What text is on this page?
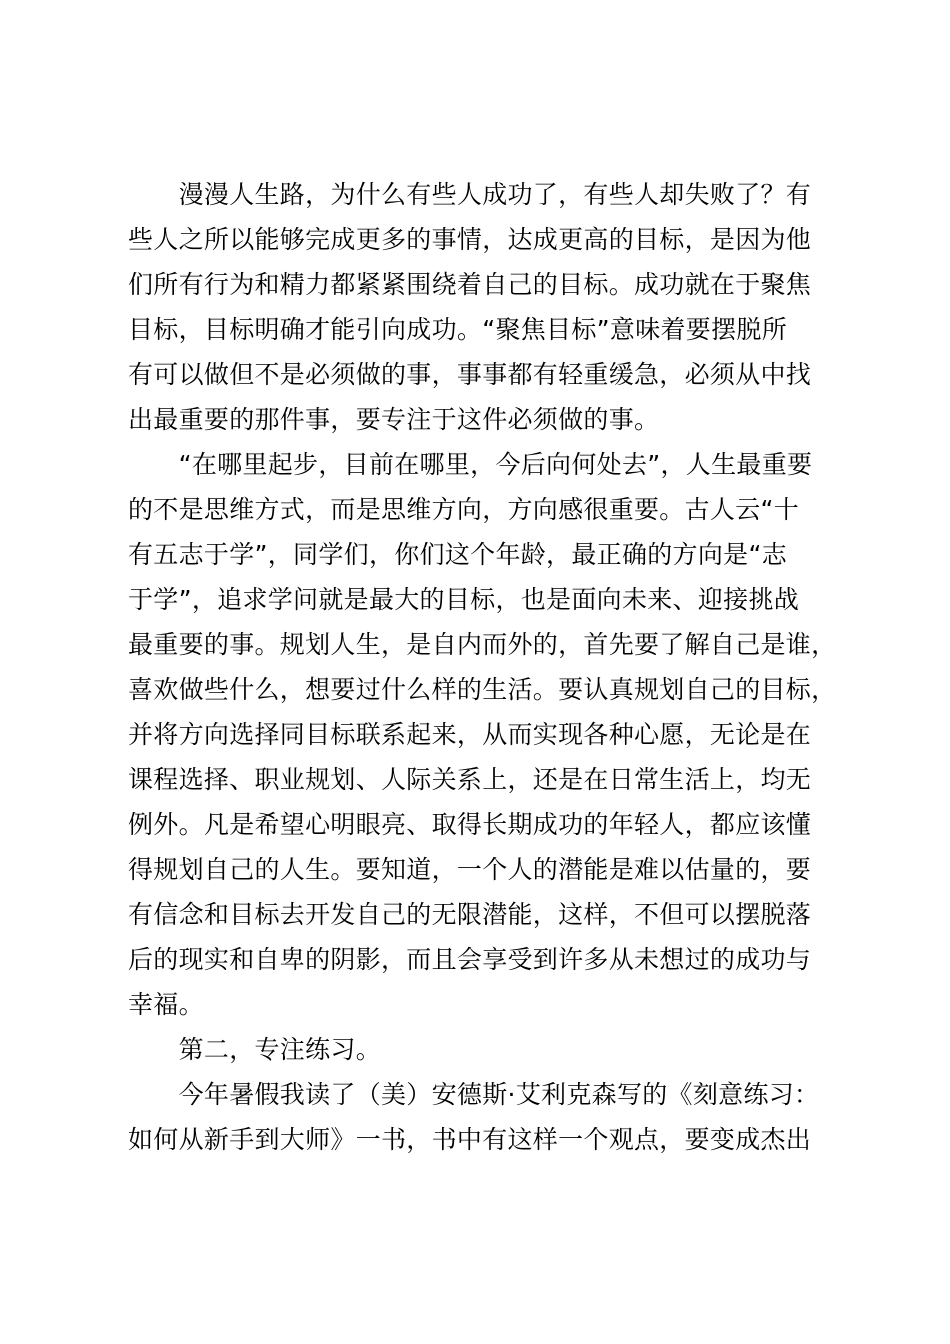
　　漫漫人生路，为什么有些人成功了，有些人却失败了？有
些人之所以能够完成更多的事情，达成更高的目标，是因为他
们所有行为和精力都紧紧围绕着自己的目标。成功就在于聚焦
目标，目标明确才能引向成功。“聚焦目标”意味着要摆脱所
有可以做但不是必须做的事，事事都有轻重缓急，必须从中找
出最重要的那件事，要专注于这件必须做的事。
　　“在哪里起步，目前在哪里，今后向何处去”，人生最重要
的不是思维方式，而是思维方向，方向感很重要。古人云“十
有五志于学”，同学们，你们这个年龄，最正确的方向是“志
于学”，追求学问就是最大的目标，也是面向未来、迎接挑战
最重要的事。规划人生，是自内而外的，首先要了解自己是谁，
喜欢做些什么，想要过什么样的生活。要认真规划自己的目标，
并将方向选择同目标联系起来，从而实现各种心愿，无论是在
课程选择、职业规划、人际关系上，还是在日常生活上，均无
例外。凡是希望心明眼亮、取得长期成功的年轻人，都应该懂
得规划自己的人生。要知道，一个人的潜能是难以估量的，要
有信念和目标去开发自己的无限潜能，这样，不但可以摆脱落
后的现实和自卑的阴影，而且会享受到许多从未想过的成功与
幸福。
　　第二，专注练习。
　　今年暑假我读了（美）安德斯·艾利克森写的《刻意练习：
如何从新手到大师》一书，书中有这样一个观点，要变成杰出
